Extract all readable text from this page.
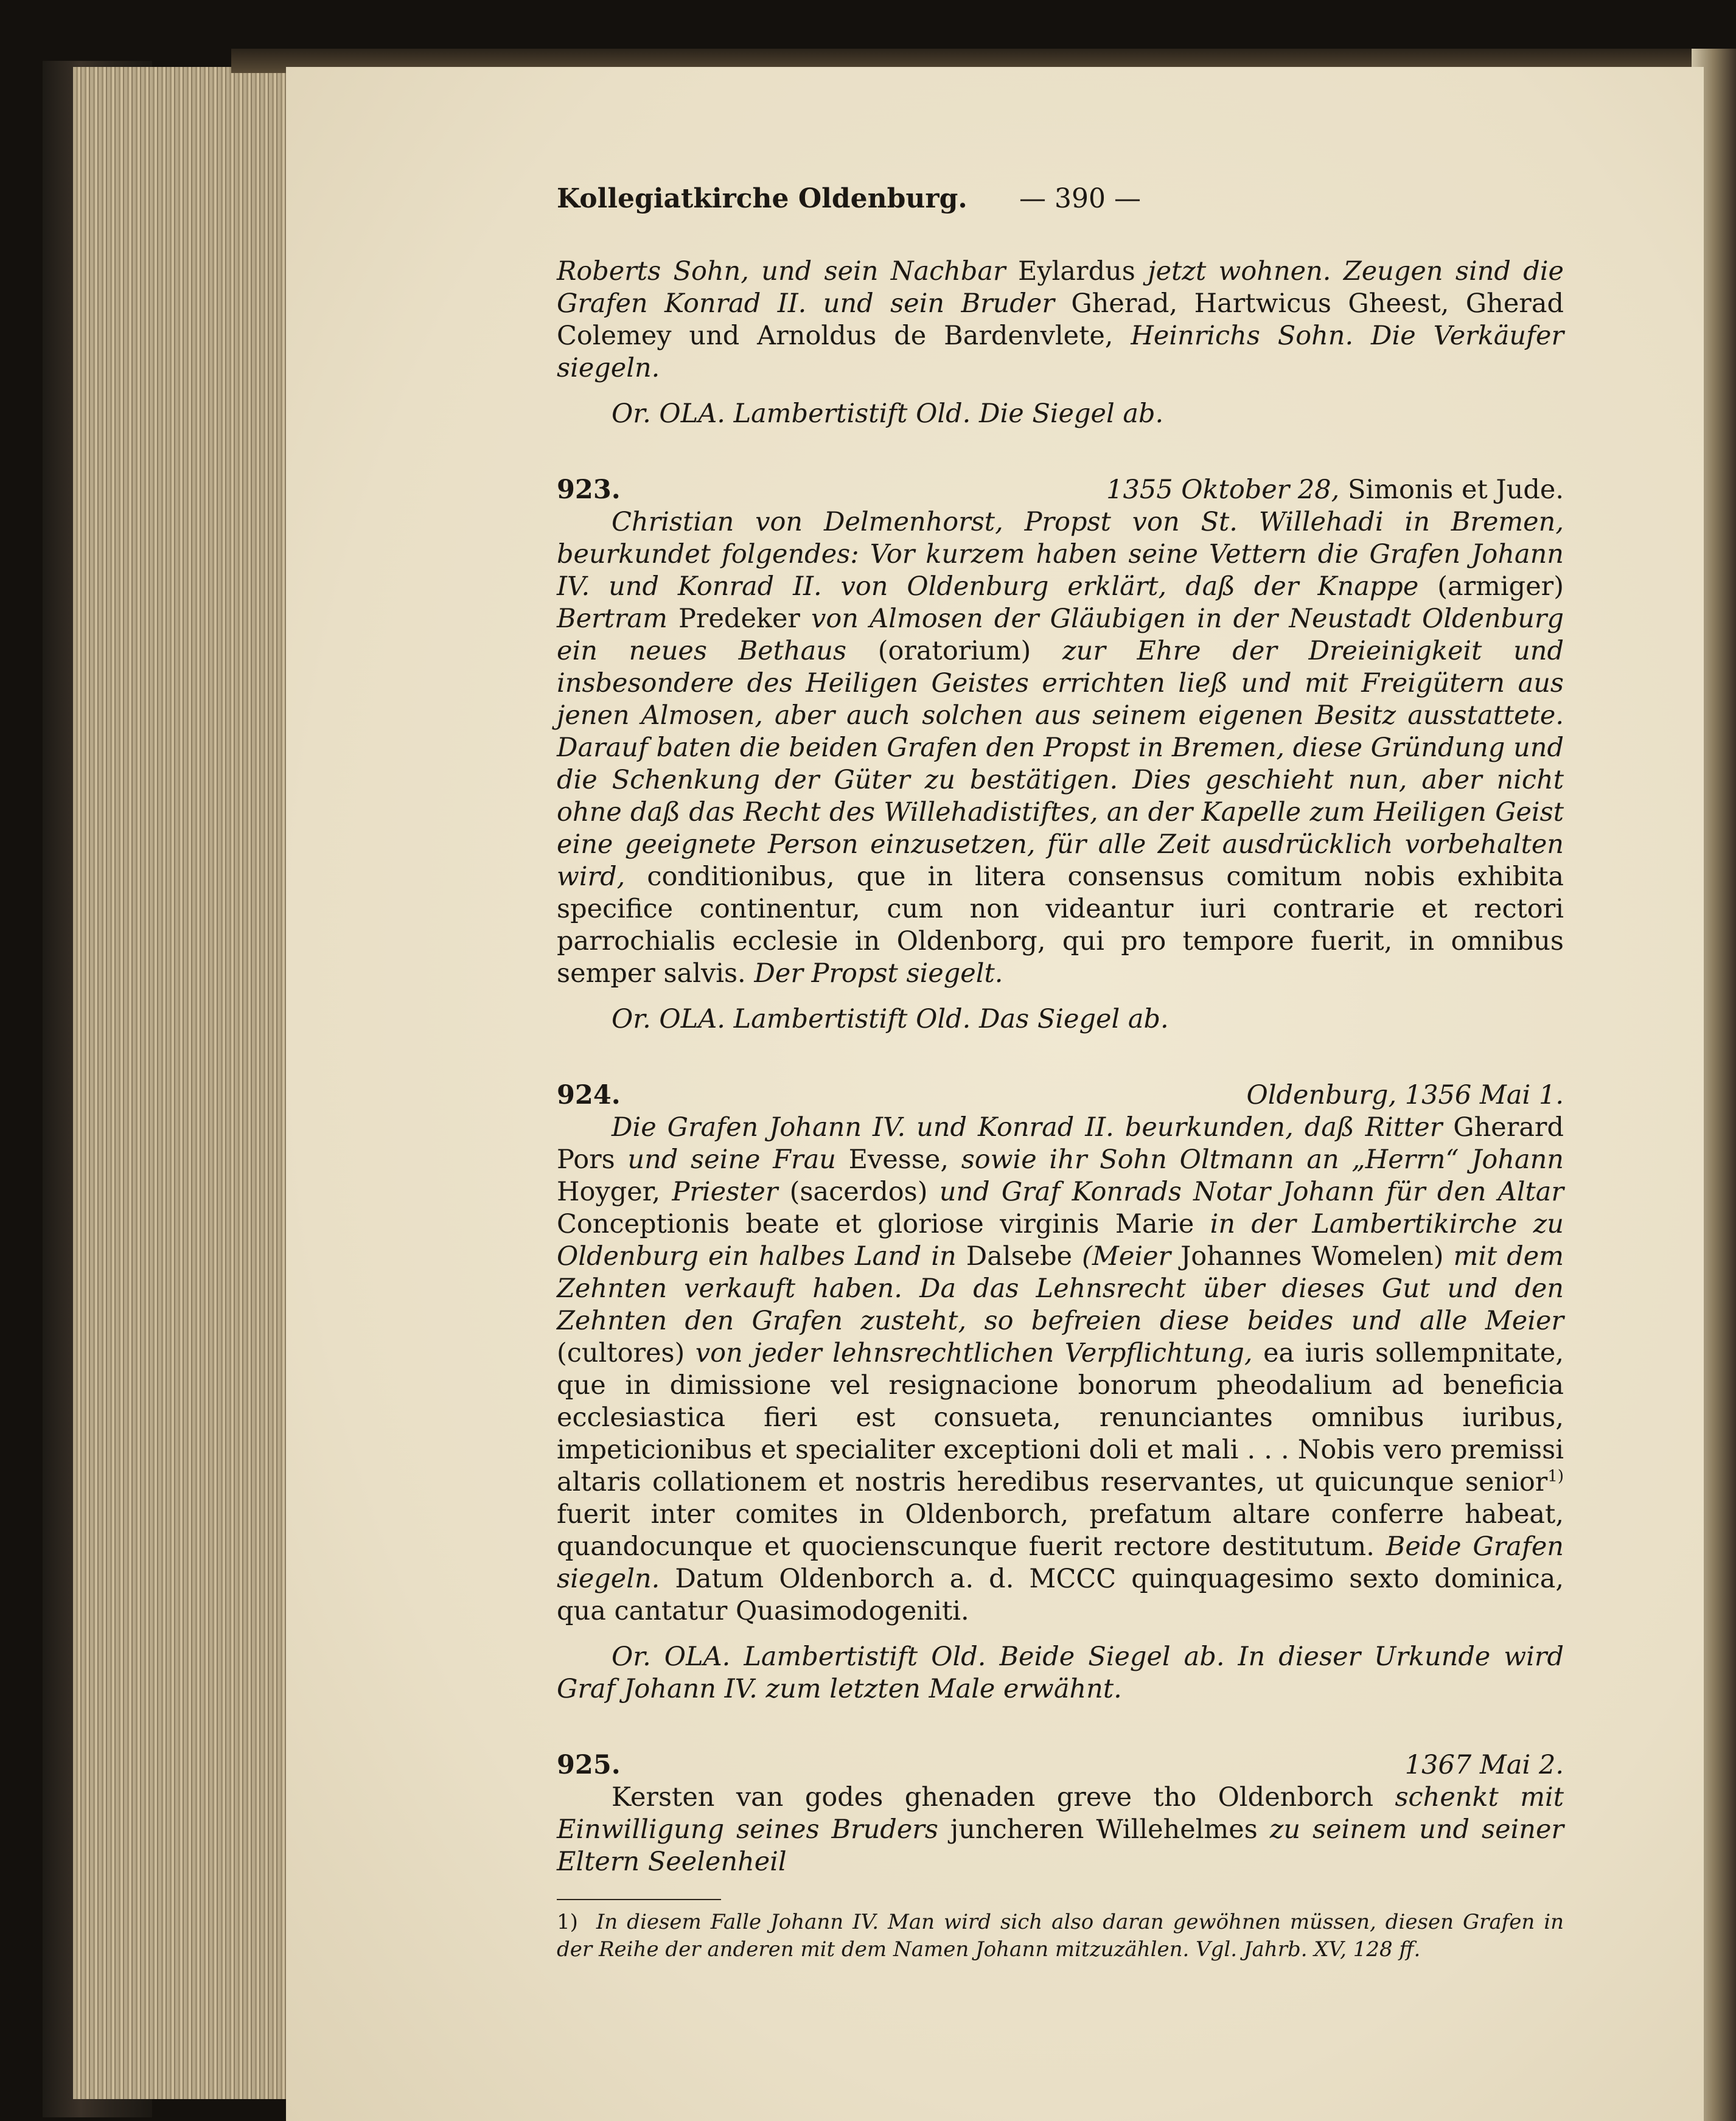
Kollegiatkirche Oldenburg.	— 390 —

Roberts Sohn, und sein Nachbar Eylardus jetzt wohnen. Zeugen sind die Grafen Konrad II. und sein Bruder Gherad, Hartwicus Gheest, Gherad Colemey und Arnoldus de Bardenvlete, Heinrichs Sohn. Die Verkäufer siegeln.

Or. OLA. Lambertistift Old. Die Siegel ab.

923.	1355 Oktober 28, Simonis et Jude.

Christian von Delmenhorst, Propst von St. Willehadi in Bremen, beurkundet folgendes: Vor kurzem haben seine Vettern die Grafen Johann IV. und Konrad II. von Oldenburg erklärt, daß der Knappe (armiger) Bertram Predeker von Almosen der Gläubigen in der Neustadt Oldenburg ein neues Bethaus (oratorium) zur Ehre der Dreieinigkeit und insbesondere des Heiligen Geistes errichten ließ und mit Freigütern aus jenen Almosen, aber auch solchen aus seinem eigenen Besitz ausstattete. Darauf baten die beiden Grafen den Propst in Bremen, diese Gründung und die Schenkung der Güter zu bestätigen. Dies geschieht nun, aber nicht ohne daß das Recht des Willehadistiftes, an der Kapelle zum Heiligen Geist eine geeignete Person einzusetzen, für alle Zeit ausdrücklich vorbehalten wird, conditionibus, que in litera consensus comitum nobis exhibita specifice continentur, cum non videantur iuri contrarie et rectori parrochialis ecclesie in Oldenborg, qui pro tempore fuerit, in omnibus semper salvis. Der Propst siegelt.

Or. OLA. Lambertistift Old. Das Siegel ab.

924.	Oldenburg, 1356 Mai 1.

Die Grafen Johann IV. und Konrad II. beurkunden, daß Ritter Gherard Pors und seine Frau Evesse, sowie ihr Sohn Oltmann an „Herrn“ Johann Hoyger, Priester (sacerdos) und Graf Konrads Notar Johann für den Altar Conceptionis beate et gloriose virginis Marie in der Lambertikirche zu Oldenburg ein halbes Land in Dalsebe (Meier Johannes Womelen) mit dem Zehnten verkauft haben. Da das Lehnsrecht über dieses Gut und den Zehnten den Grafen zusteht, so befreien diese beides und alle Meier (cultores) von jeder lehnsrechtlichen Verpflichtung, ea iuris sollempnitate, que in dimissione vel resignacione bonorum pheodalium ad beneficia ecclesiastica fieri est consueta, renunciantes omnibus iuribus, impeticionibus et specialiter exceptioni doli et mali . . . Nobis vero premissi altaris collationem et nostris heredibus reservantes, ut quicunque senior$^{1)}$ fuerit inter comites in Oldenborch, prefatum altare conferre habeat, quandocunque et quocienscunque fuerit rectore destitutum. Beide Grafen siegeln. Datum Oldenborch a. d. MCCC quinquagesimo sexto dominica, qua cantatur Quasimodogeniti.

Or. OLA. Lambertistift Old. Beide Siegel ab. In dieser Urkunde wird Graf Johann IV. zum letzten Male erwähnt.

925.	1367 Mai 2.

Kersten van godes ghenaden greve tho Oldenborch schenkt mit Einwilligung seines Bruders juncheren Willehelmes zu seinem und seiner Eltern Seelenheil

1) In diesem Falle Johann IV. Man wird sich also daran gewöhnen müssen, diesen Grafen in der Reihe der anderen mit dem Namen Johann mitzuzählen. Vgl. Jahrb. XV, 128 ff.
